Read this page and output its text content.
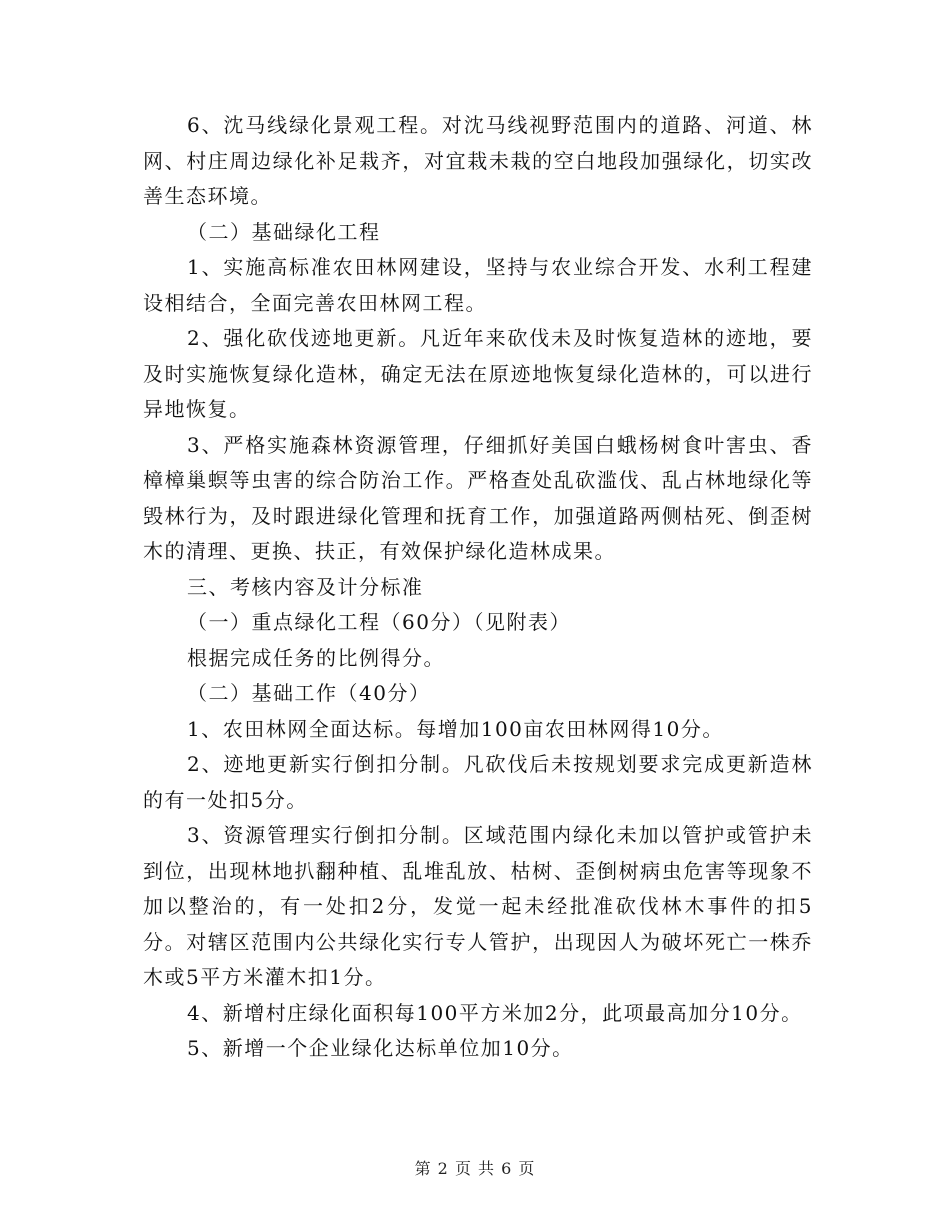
6、沈马线绿化景观工程。对沈马线视野范围内的道路、河道、林网、村庄周边绿化补足栽齐，对宜栽未栽的空白地段加强绿化，切实改善生态环境。

（二）基础绿化工程

1、实施高标准农田林网建设，坚持与农业综合开发、水利工程建设相结合，全面完善农田林网工程。

2、强化砍伐迹地更新。凡近年来砍伐未及时恢复造林的迹地，要及时实施恢复绿化造林，确定无法在原迹地恢复绿化造林的，可以进行异地恢复。

3、严格实施森林资源管理，仔细抓好美国白蛾杨树食叶害虫、香樟樟巢螟等虫害的综合防治工作。严格查处乱砍滥伐、乱占林地绿化等毁林行为，及时跟进绿化管理和抚育工作，加强道路两侧枯死、倒歪树木的清理、更换、扶正，有效保护绿化造林成果。

三、考核内容及计分标准

（一）重点绿化工程（60分）（见附表）

根据完成任务的比例得分。

（二）基础工作（40分）

1、农田林网全面达标。每增加100亩农田林网得10分。

2、迹地更新实行倒扣分制。凡砍伐后未按规划要求完成更新造林的有一处扣5分。

3、资源管理实行倒扣分制。区域范围内绿化未加以管护或管护未到位，出现林地扒翻种植、乱堆乱放、枯树、歪倒树病虫危害等现象不加以整治的，有一处扣2分，发觉一起未经批准砍伐林木事件的扣5分。对辖区范围内公共绿化实行专人管护，出现因人为破坏死亡一株乔木或5平方米灌木扣1分。

4、新增村庄绿化面积每100平方米加2分，此项最高加分10分。

5、新增一个企业绿化达标单位加10分。

第 2 页 共 6 页
